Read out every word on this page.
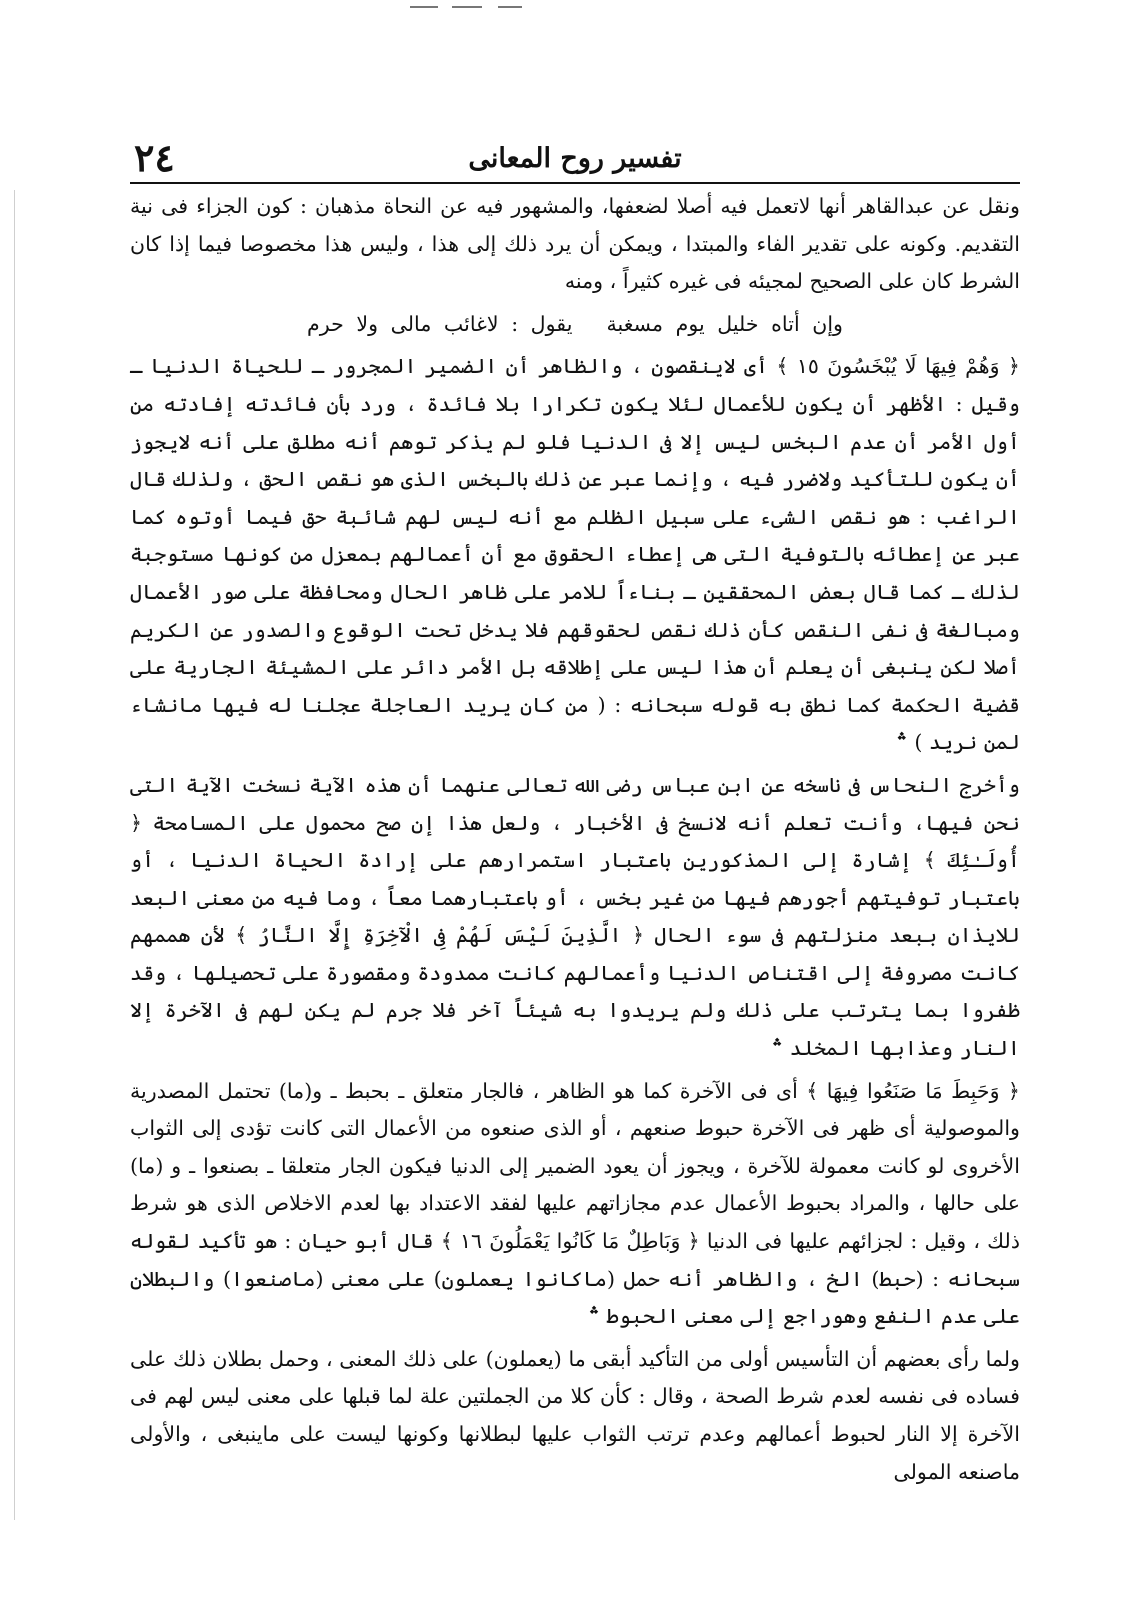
٢٤	تفسير روح المعانى

ونقل عن عبدالقاهر أنها لاتعمل فيه أصلا لضعفها، والمشهور فيه عن النحاة مذهبان : كون الجزاء فى نية التقديم. وكونه على تقدير الفاء والمبتدا ، ويمكن أن يرد ذلك إلى هذا ، وليس هذا مخصوصا فيما إذا كان الشرط كان على الصحيح لمجيئه فى غيره كثيراً ، ومنه

وإن أتاه خليل يوم مسغبةيقول : لاغائب مالى ولا حرم

﴿ وَهُمْ فِيهَا لَا يُبْخَسُونَ ١٥ ﴾ أى لاينقصون ، والظاهر أن الضمير المجرور ـ للحياة الدنيا ـ وقيل : الأظهر أن يكون للأعمال لئلا يكون تكرارا بلا فائدة ، ورد بأن فائدته إفادته من أول الأمر أن عدم البخس ليس إلا فى الدنيا فلو لم يذكر توهم أنه مطلق على أنه لايجوز أن يكون للتأكيد ولاضرر فيه ، وإنما عبر عن ذلك بالبخس الذى هو نقص الحق ، ولذلك قال الراغب : هو نقص الشىء على سبيل الظلم مع أنه ليس لهم شائبة حق فيما أوتوه كما عبر عن إعطائه بالتوفية التى هى إعطاء الحقوق مع أن أعمالهم بمعزل من كونها مستوجبة لذلك ـ كما قال بعض المحققين ـ بناءاً للامر على ظاهر الحال ومحافظة على صور الأعمال ومبالغة فى نفى النقص كأن ذلك نقص لحقوقهم فلا يدخل تحت الوقوع والصدور عن الكريم أصلا لكن ينبغى أن يعلم أن هذا ليس على إطلاقه بل الأمر دائر على المشيئة الجارية على قضية الحكمة كما نطق به قوله سبحانه : ( من كان يريد العاجلة عجلنا له فيها مانشاء لمن نريد ) ؞

وأخرج النحاس فى ناسخه عن ابن عباس رضى الله تعالى عنهما أن هذه الآية نسخت الآية التى نحن فيها، وأنت تعلم أنه لانسخ فى الأخبار ، ولعل هذا إن صح محمول على المسامحة ﴿ أُولَـٰئِكَ ﴾ إشارة إلى المذكورين باعتبار استمرارهم على إرادة الحياة الدنيا ، أو باعتبار توفيتهم أجورهم فيها من غير بخس ، أو باعتبارهما معاً ، وما فيه من معنى البعد للايذان ببعد منزلتهم فى سوء الحال ﴿ الَّذِينَ لَيْسَ لَهُمْ فِى الْآخِرَةِ إِلَّا النَّارُ ﴾ لأن هممهم كانت مصروفة إلى اقتناص الدنيا وأعمالهم كانت ممدودة ومقصورة على تحصيلها ، وقد ظفروا بما يترتب على ذلك ولم يريدوا به شيئاً آخر فلا جرم لم يكن لهم فى الآخرة إلا النار وعذابها المخلد ؞

﴿ وَحَبِطَ مَا صَنَعُوا فِيهَا ﴾ أى فى الآخرة كما هو الظاهر ، فالجار متعلق ـ بحبط ـ و(ما) تحتمل المصدرية والموصولية أى ظهر فى الآخرة حبوط صنعهم ، أو الذى صنعوه من الأعمال التى كانت تؤدى إلى الثواب الأخروى لو كانت معمولة للآخرة ، ويجوز أن يعود الضمير إلى الدنيا فيكون الجار متعلقا ـ بصنعوا ـ و (ما) على حالها ، والمراد بحبوط الأعمال عدم مجازاتهم عليها لفقد الاعتداد بها لعدم الاخلاص الذى هو شرط ذلك ، وقيل : لجزائهم عليها فى الدنيا ﴿ وَبَاطِلٌ مَا كَانُوا يَعْمَلُونَ ١٦ ﴾ قال أبو حيان : هو تأكيد لقوله سبحانه : (حبط) الخ ، والظاهر أنه حمل (ماكانوا يعملون) على معنى (ماصنعوا) والبطلان على عدم النفع وهوراجع إلى معنى الحبوط ؞

ولما رأى بعضهم أن التأسيس أولى من التأكيد أبقى ما (يعملون) على ذلك المعنى ، وحمل بطلان ذلك على فساده فى نفسه لعدم شرط الصحة ، وقال : كأن كلا من الجملتين علة لما قبلها على معنى ليس لهم فى الآخرة إلا النار لحبوط أعمالهم وعدم ترتب الثواب عليها لبطلانها وكونها ليست على ماينبغى ، والأولى ماصنعه المولى
